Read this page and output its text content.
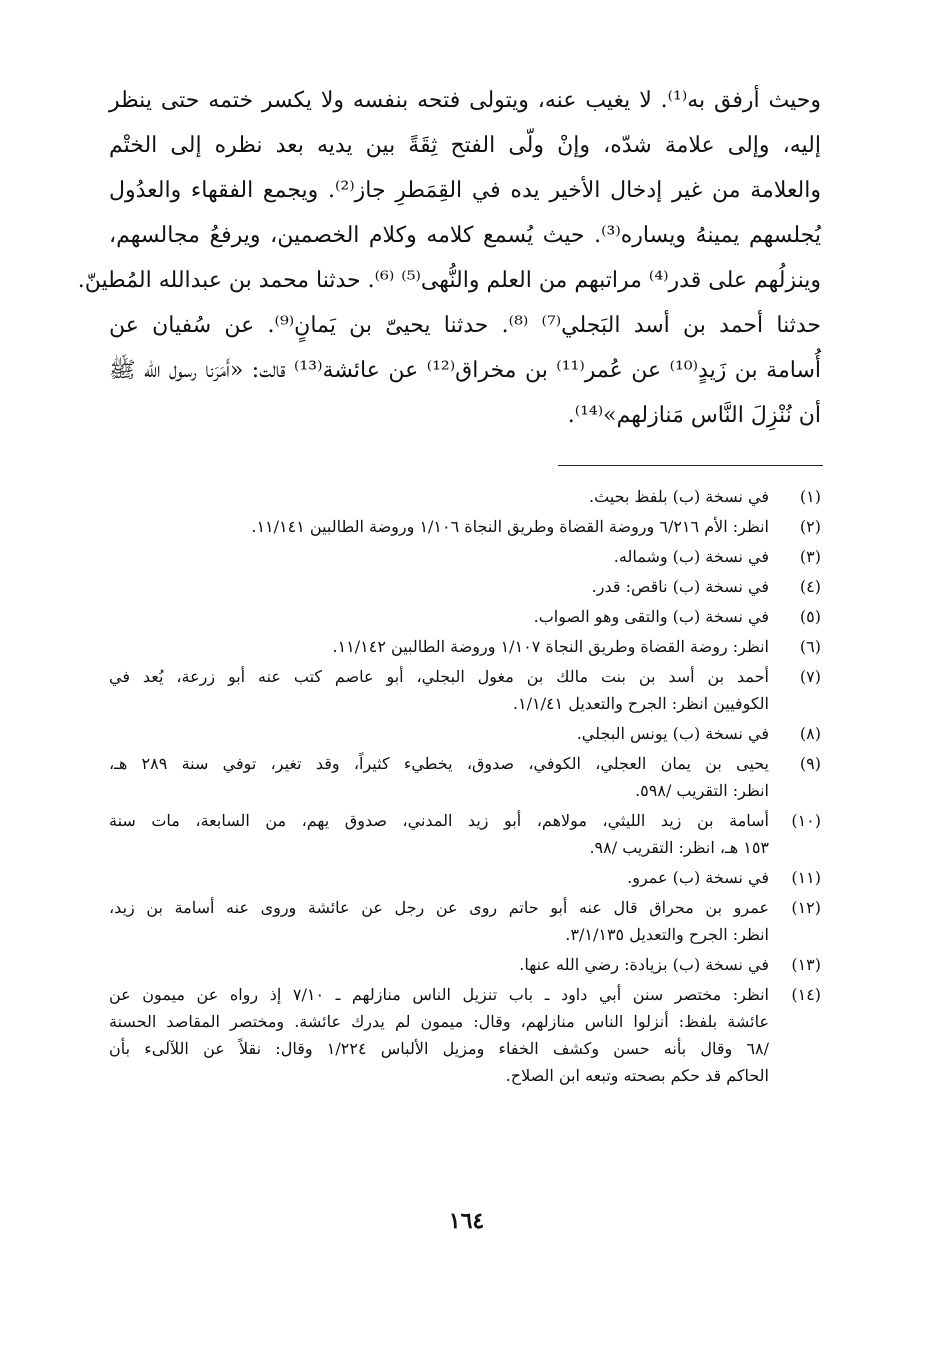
وحيث أرفق به⁽¹⁾. لا يغيب عنه، ويتولى فتحه بنفسه ولا يكسر ختمه حتى ينظر
إليه، وإلى علامة شدّه، وإنْ ولّى الفتح ثِقَةً بين يديه بعد نظره إلى الختْم
والعلامة من غير إدخال الأخير يده في القِمَطرِ جاز⁽²⁾. ويجمع الفقهاء والعدُول
يُجلسهم يمينهُ ويساره⁽³⁾. حيث يُسمع كلامه وكلام الخصمين، ويرفعُ مجالسهم،
وينزلُهم على قدر⁽⁴⁾ مراتبهم من العلم والنُّهى⁽⁵⁾ ⁽⁶⁾. حدثنا محمد بن عبدالله المُطينّ.
حدثنا أحمد بن أسد البَجلي⁽⁷⁾ ⁽⁸⁾. حدثنا يحيىّ بن يَمانٍ⁽⁹⁾. عن سُفيان عن
أُسامة بن زَيدٍ⁽¹⁰⁾ عن عُمر⁽¹¹⁾ بن مخراق⁽¹²⁾ عن عائشة⁽¹³⁾ قالت: «أَمَرَنا رسول الله ﷺ
أن نُنْزِلَ النَّاس مَنازلهم»⁽¹⁴⁾.
(١)
في نسخة (ب) بلفظ بحيث.
(٢)
انظر: الأم ٦/٢١٦ وروضة القضاة وطريق النجاة ١/١٠٦ وروضة الطالبين ١١/١٤١.
(٣)
في نسخة (ب) وشماله.
(٤)
في نسخة (ب) ناقص: قدر.
(٥)
في نسخة (ب) والتقى وهو الصواب.
(٦)
انظر: روضة القضاة وطريق النجاة ١/١٠٧ وروضة الطالبين ١١/١٤٢.
(٧)
أحمد بن أسد بن بنت مالك بن مغول البجلي، أبو عاصم كتب عنه أبو زرعة، يُعد في
الكوفيين انظر: الجرح والتعديل ١/١/٤١.
(٨)
في نسخة (ب) يونس البجلي.
(٩)
يحيى بن يمان العجلي، الكوفي، صدوق، يخطيء كثيراً، وقد تغير، توفي سنة ٢٨٩ هـ،
انظر: التقريب /٥٩٨.
(١٠)
أسامة بن زيد الليثي، مولاهم، أبو زيد المدني، صدوق يهم، من السابعة، مات سنة
١٥٣ هـ، انظر: التقريب /٩٨.
(١١)
في نسخة (ب) عمرو.
(١٢)
عمرو بن محراق قال عنه أبو حاتم روى عن رجل عن عائشة وروى عنه أسامة بن زيد،
انظر: الجرح والتعديل ٣/١/١٣٥.
(١٣)
في نسخة (ب) بزيادة: رضي الله عنها.
(١٤)
انظر: مختصر سنن أبي داود ـ باب تنزيل الناس منازلهم ـ ٧/١٠ إذ رواه عن ميمون عن
عائشة بلفظ: أنزلوا الناس منازلهم، وقال: ميمون لم يدرك عائشة. ومختصر المقاصد الحسنة
/٦٨ وقال بأنه حسن وكشف الخفاء ومزيل الألباس ١/٢٢٤ وقال: نقلاً عن اللآلىء بأن
الحاكم قد حكم بصحته وتبعه ابن الصلاح.
١٦٤
